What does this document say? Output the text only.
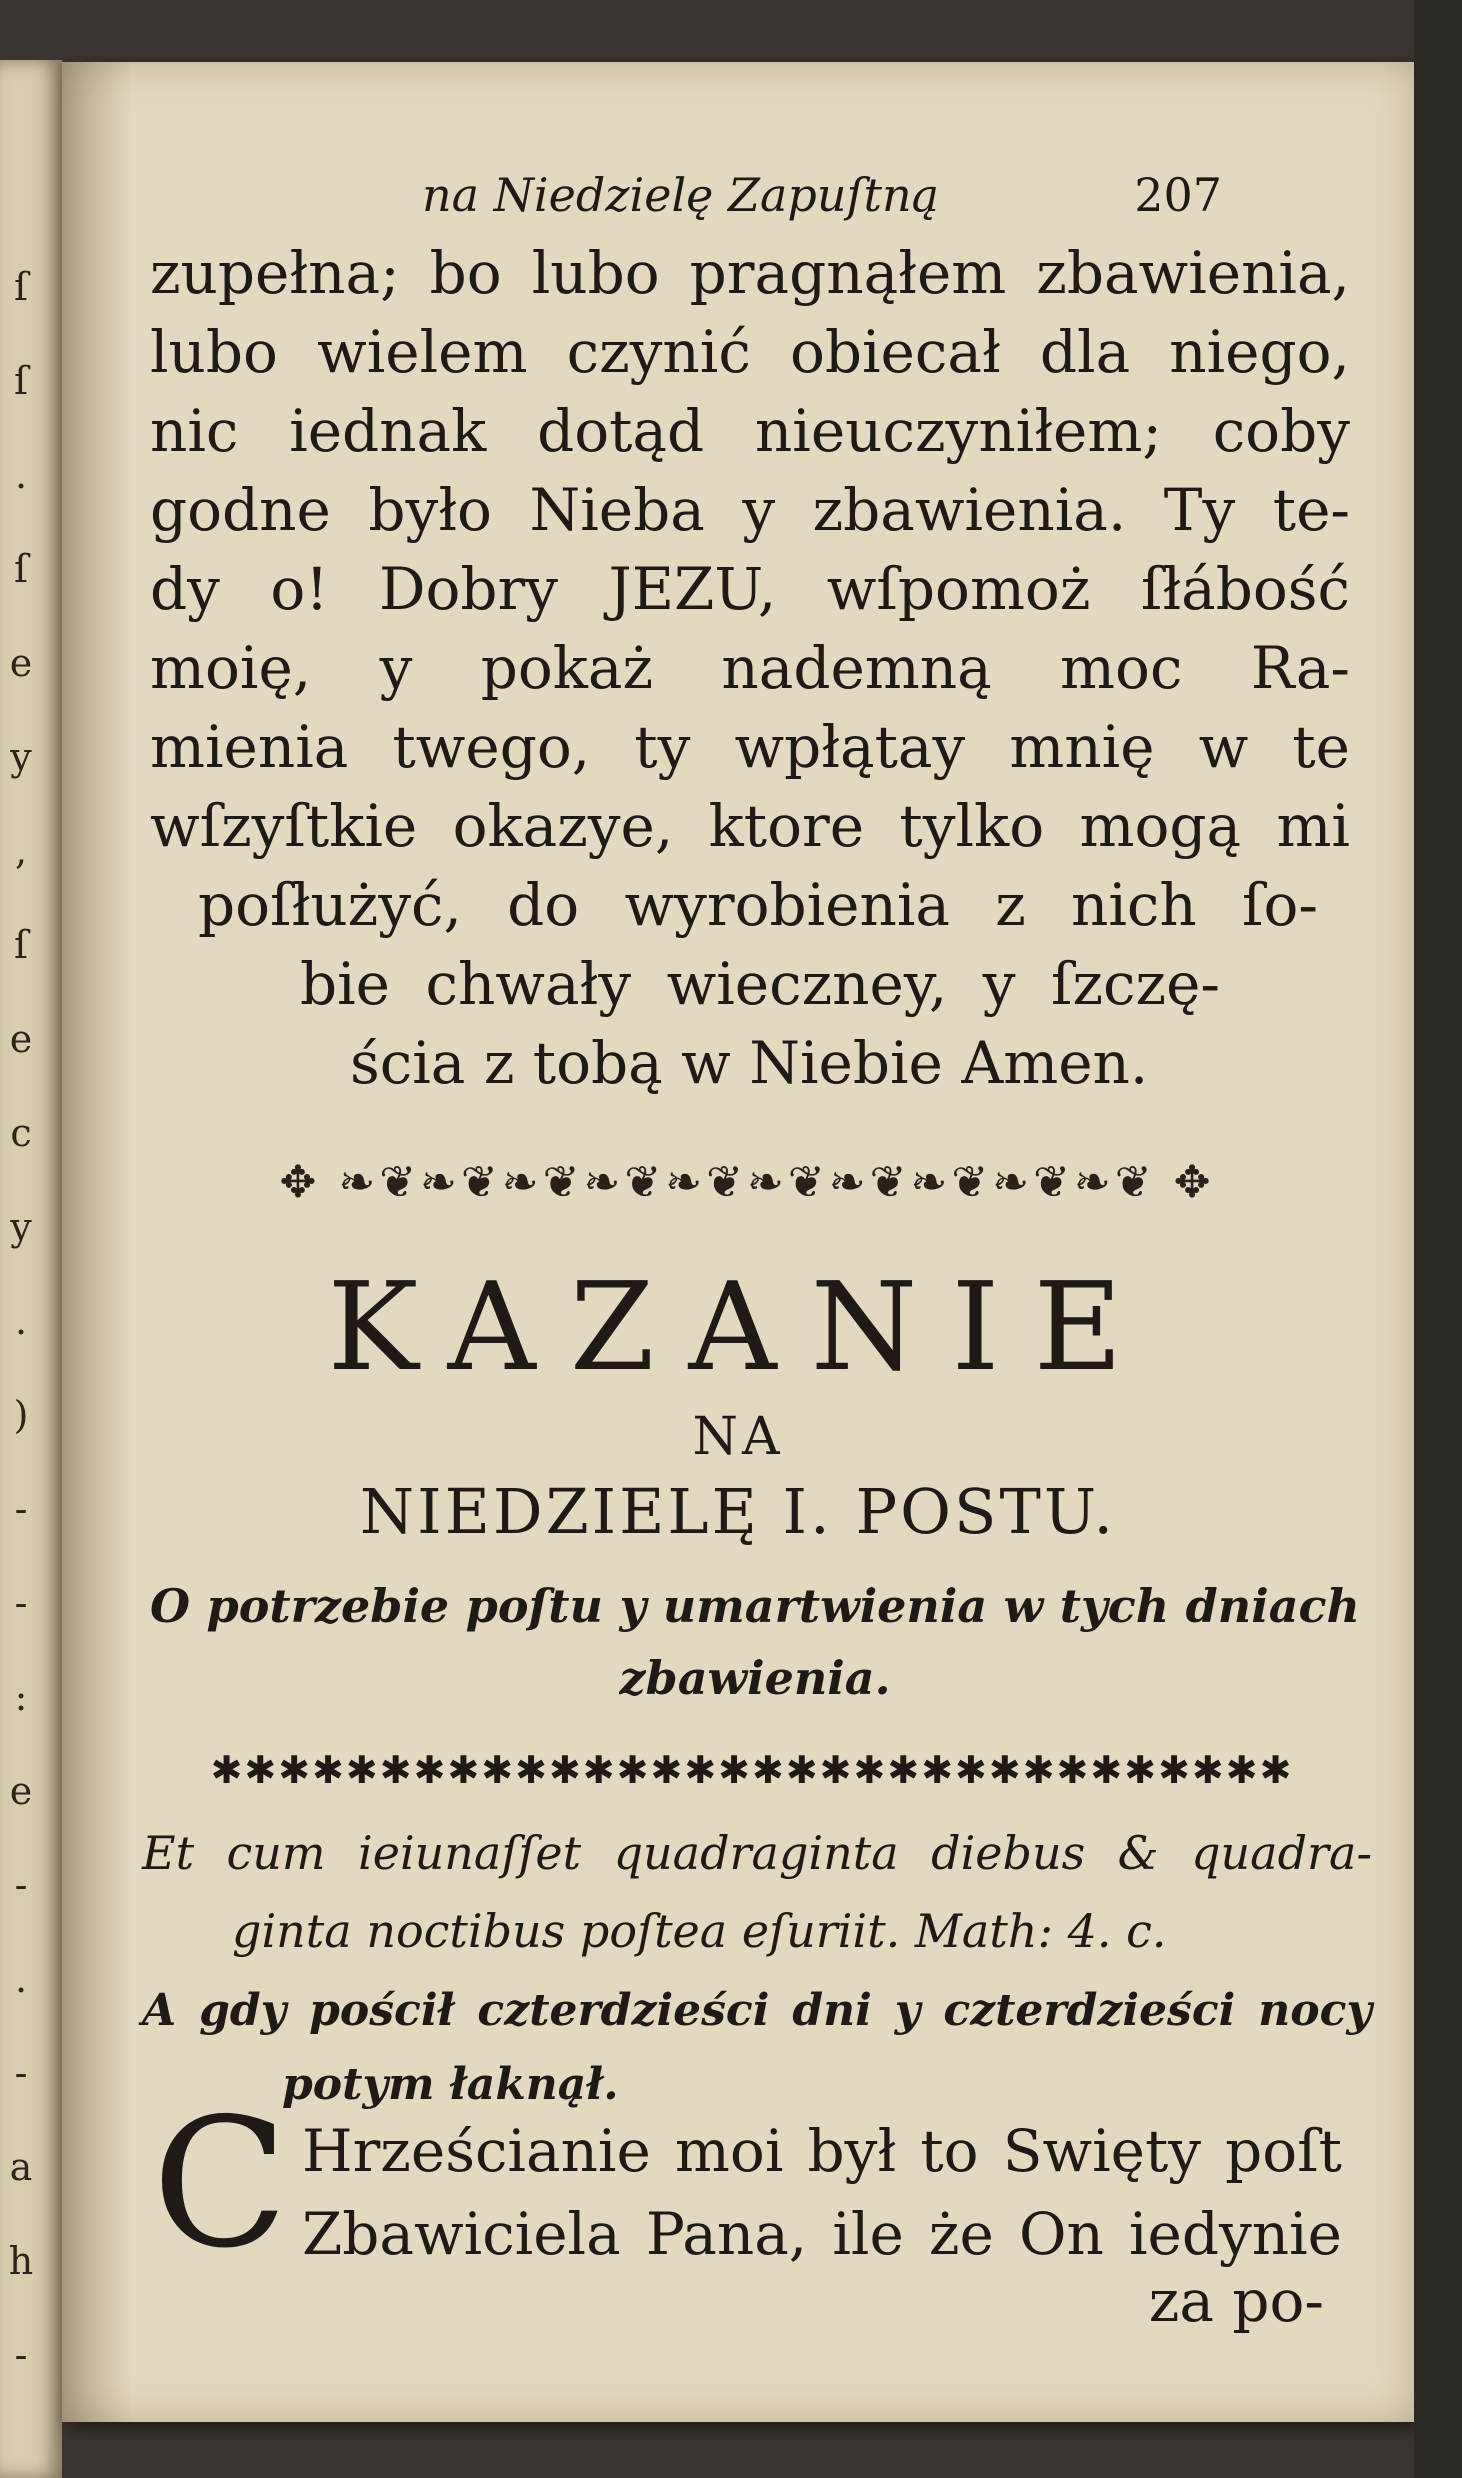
ſ
ſ
.
ſ
e
y
,
ſ
e
c
y
.
)
-
-
:
e
-
.
-
a
h
-
na Niedzielę Zapuſtną	207
zupełna; bo lubo pragnąłem zbawienia,
lubo wielem czynić obiecał dla niego,
nic iednak dotąd nieuczyniłem; coby
godne było Nieba y zbawienia. Ty te-
dy o! Dobry JEZU, wſpomoż ſłábość
moię, y pokaż nademną moc Ra-
mienia twego, ty wpłątay mnię w te
wſzyſtkie okazye, ktore tylko mogą mi
poſłużyć, do wyrobienia z nich ſo-
bie chwały wieczney, y ſzczę-
ścia z tobą w Niebie Amen.
✥ ❧❦❧❦❧❦❧❦❧❦❧❦❧❦❧❦❧❦❧❦ ✥
KAZANIE
NA
NIEDZIELĘ I. POSTU.
O potrzebie poſtu y umartwienia w tych dniach
zbawienia.
✱✱✱✱✱✱✱✱✱✱✱✱✱✱✱✱✱✱✱✱✱✱✱✱✱✱✱✱✱✱✱✱
Et cum ieiunaſſet quadraginta diebus & quadra-
ginta noctibus poſtea eſuriit. Math: 4. c.
A gdy pościł czterdzieści dni y czterdzieści nocy
potym łaknął.
C Hrześcianie moi był to Swięty poſt
Zbawiciela Pana, ile że On iedynie
za po-
